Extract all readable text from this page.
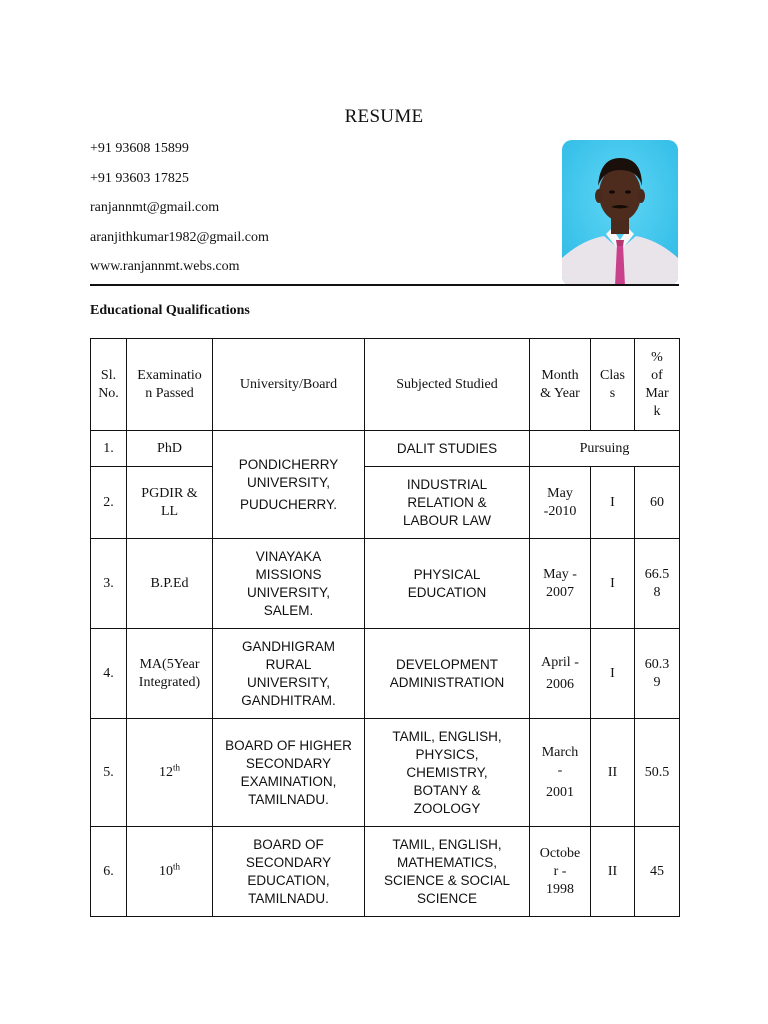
RESUME
+91 93608 15899
+91 93603 17825
ranjannmt@gmail.com
aranjithkumar1982@gmail.com
www.ranjannmt.webs.com
Educational Qualifications
Sl.
No.	Examinatio
n Passed	University/Board	Subjected Studied	Month
& Year	Clas
s	%
of
Mar
k
1.	PhD	PONDICHERRY
UNIVERSITY,
PUDUCHERRY.	DALIT STUDIES	Pursuing		
2.	PGDIR &
LL		INDUSTRIAL
RELATION &
LABOUR LAW	May
-2010	I	60
3.	B.P.Ed	VINAYAKA
MISSIONS
UNIVERSITY,
SALEM.	PHYSICAL
EDUCATION	May -
2007	I	66.5
8
4.	MA(5Year
Integrated)	GANDHIGRAM
RURAL
UNIVERSITY,
GANDHITRAM.	DEVELOPMENT
ADMINISTRATION	April -
2006	I	60.3
9
5.	12th	BOARD OF HIGHER
SECONDARY
EXAMINATION,
TAMILNADU.	TAMIL, ENGLISH,
PHYSICS,
CHEMISTRY,
BOTANY &
ZOOLOGY	March
-
2001	II	50.5
6.	10th	BOARD OF
SECONDARY
EDUCATION,
TAMILNADU.	TAMIL, ENGLISH,
MATHEMATICS,
SCIENCE & SOCIAL
SCIENCE	Octobe
r -
1998	II	45
